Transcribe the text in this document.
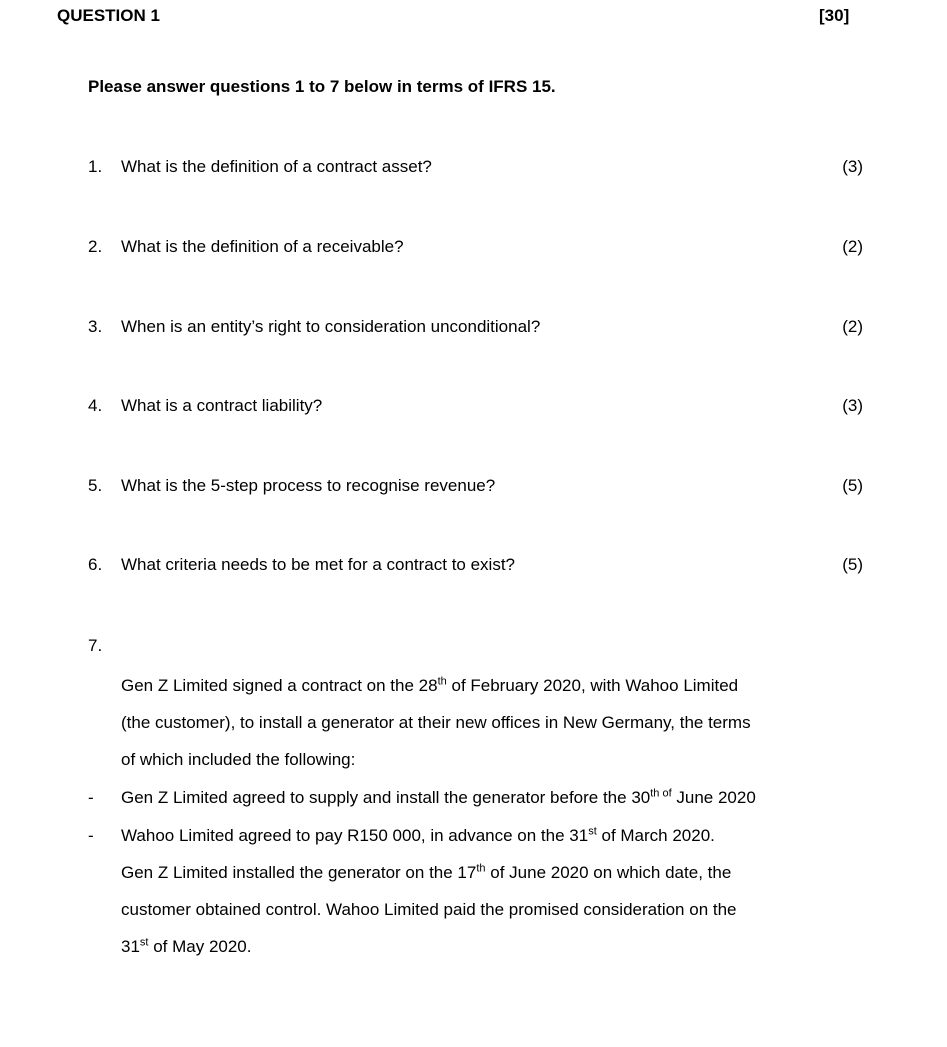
QUESTION 1	[30]
Please answer questions 1 to 7 below in terms of IFRS 15.
1. What is the definition of a contract asset?	(3)
2. What is the definition of a receivable?	(2)
3. When is an entity’s right to consideration unconditional?	(2)
4. What is a contract liability?	(3)
5. What is the 5-step process to recognise revenue?	(5)
6. What criteria needs to be met for a contract to exist?	(5)
7.
Gen Z Limited signed a contract on the 28th of February 2020, with Wahoo Limited
(the customer), to install a generator at their new offices in New Germany, the terms
of which included the following:
- Gen Z Limited agreed to supply and install the generator before the $30^{th of}$ June 2020
- Wahoo Limited agreed to pay R150 000, in advance on the 31st of March 2020.
Gen Z Limited installed the generator on the 17th of June 2020 on which date, the
customer obtained control. Wahoo Limited paid the promised consideration on the
31st of May 2020.
